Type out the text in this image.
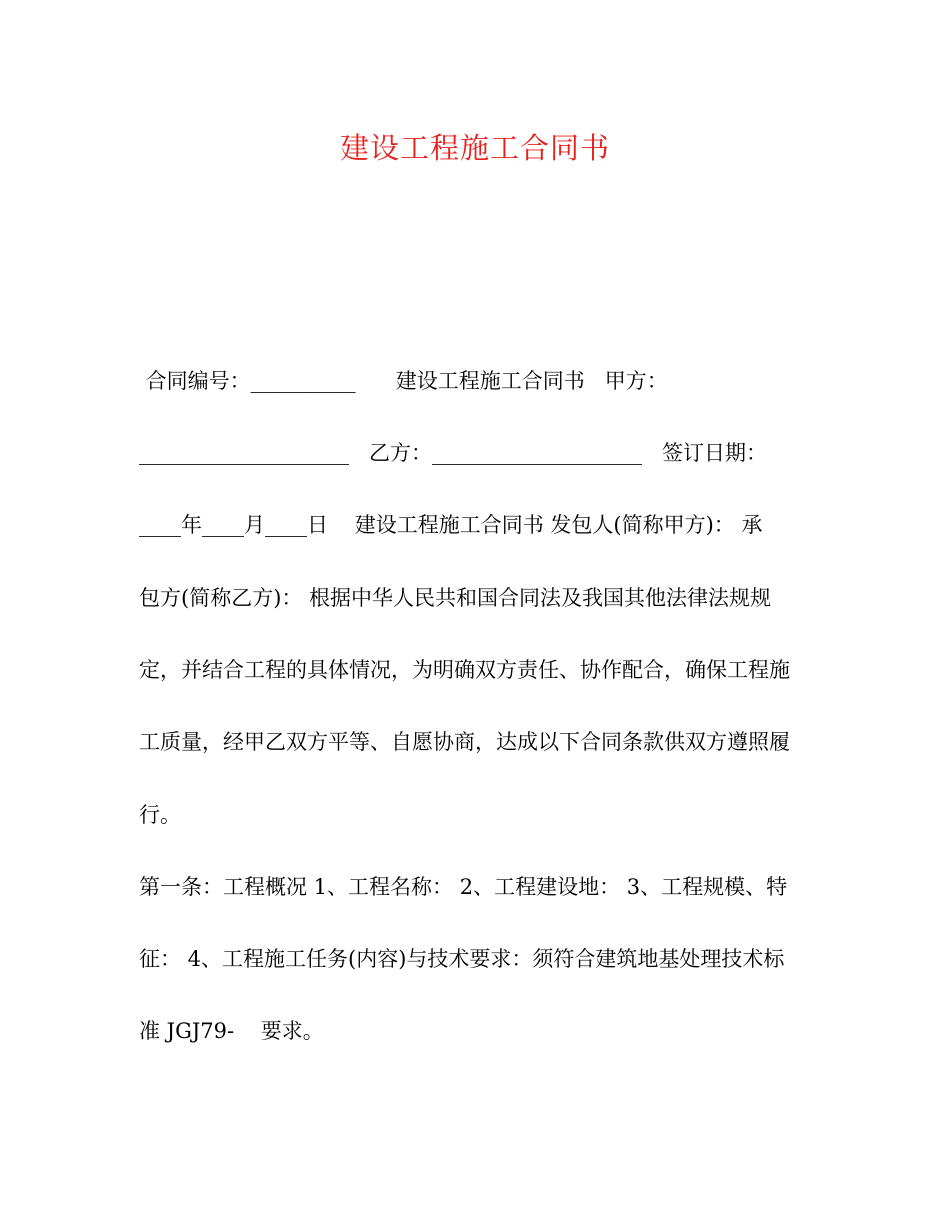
建设工程施工合同书
合同编号：__________      建设工程施工合同书   甲方：
____________________   乙方：____________________   签订日期：
____年____月____日    建设工程施工合同书 发包人(简称甲方)： 承
包方(简称乙方)： 根据中华人民共和国合同法及我国其他法律法规规
定，并结合工程的具体情况，为明确双方责任、协作配合，确保工程施
工质量，经甲乙双方平等、自愿协商，达成以下合同条款供双方遵照履
行。
第一条：工程概况 1、工程名称： 2、工程建设地： 3、工程规模、特
征： 4、工程施工任务(内容)与技术要求：须符合建筑地基处理技术标
准 JGJ79-    要求。
